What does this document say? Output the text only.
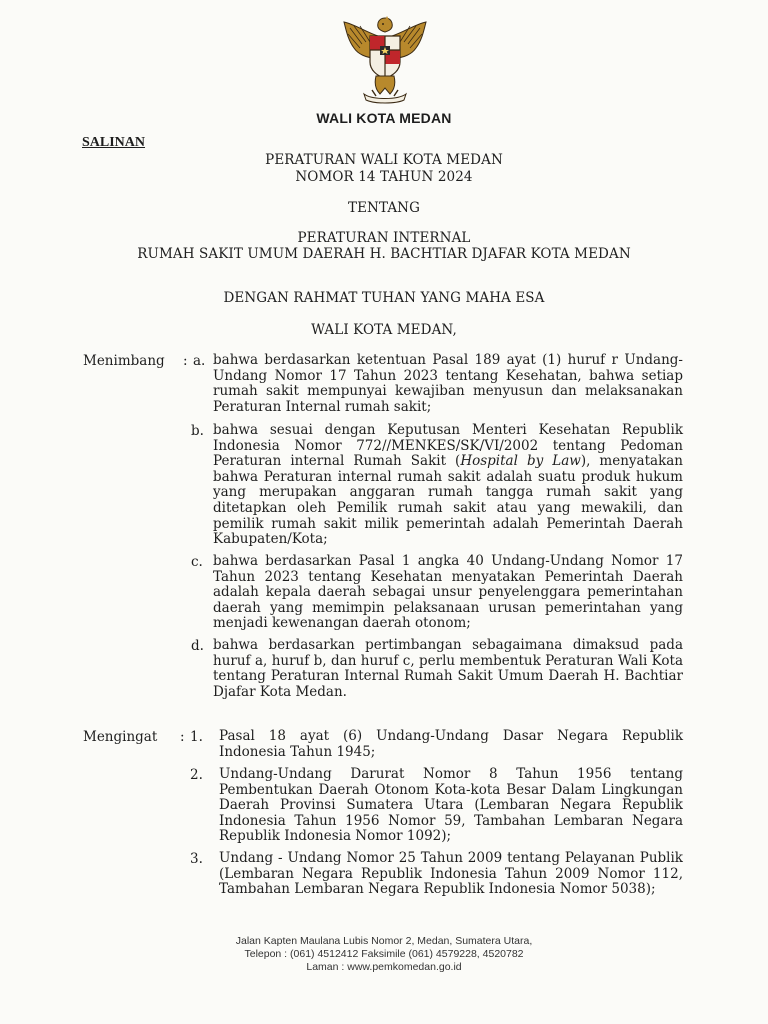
WALI KOTA MEDAN
SALINAN
PERATURAN WALI KOTA MEDAN
NOMOR 14 TAHUN 2024
TENTANG
PERATURAN INTERNAL
RUMAH SAKIT UMUM DAERAH H. BACHTIAR DJAFAR KOTA MEDAN
DENGAN RAHMAT TUHAN YANG MAHA ESA
WALI KOTA MEDAN,
Menimbang : a. bahwa berdasarkan ketentuan Pasal 189 ayat (1) huruf r Undang-Undang Nomor 17 Tahun 2023 tentang Kesehatan, bahwa setiap rumah sakit mempunyai kewajiban menyusun dan melaksanakan Peraturan Internal rumah sakit;
b. bahwa sesuai dengan Keputusan Menteri Kesehatan Republik Indonesia Nomor 772//MENKES/SK/VI/2002 tentang Pedoman Peraturan internal Rumah Sakit (Hospital by Law), menyatakan bahwa Peraturan internal rumah sakit adalah suatu produk hukum yang merupakan anggaran rumah tangga rumah sakit yang ditetapkan oleh Pemilik rumah sakit atau yang mewakili, dan pemilik rumah sakit milik pemerintah adalah Pemerintah Daerah Kabupaten/Kota;
c. bahwa berdasarkan Pasal 1 angka 40 Undang-Undang Nomor 17 Tahun 2023 tentang Kesehatan menyatakan Pemerintah Daerah adalah kepala daerah sebagai unsur penyelenggara pemerintahan daerah yang memimpin pelaksanaan urusan pemerintahan yang menjadi kewenangan daerah otonom;
d. bahwa berdasarkan pertimbangan sebagaimana dimaksud pada huruf a, huruf b, dan huruf c, perlu membentuk Peraturan Wali Kota tentang Peraturan Internal Rumah Sakit Umum Daerah H. Bachtiar Djafar Kota Medan.
Mengingat : 1. Pasal 18 ayat (6) Undang-Undang Dasar Negara Republik Indonesia Tahun 1945;
2. Undang-Undang Darurat Nomor 8 Tahun 1956 tentang Pembentukan Daerah Otonom Kota-kota Besar Dalam Lingkungan Daerah Provinsi Sumatera Utara (Lembaran Negara Republik Indonesia Tahun 1956 Nomor 59, Tambahan Lembaran Negara Republik Indonesia Nomor 1092);
3. Undang - Undang Nomor 25 Tahun 2009 tentang Pelayanan Publik (Lembaran Negara Republik Indonesia Tahun 2009 Nomor 112, Tambahan Lembaran Negara Republik Indonesia Nomor 5038);
Jalan Kapten Maulana Lubis Nomor 2, Medan, Sumatera Utara,
Telepon : (061) 4512412 Faksimile (061) 4579228, 4520782
Laman : www.pemkomedan.go.id
